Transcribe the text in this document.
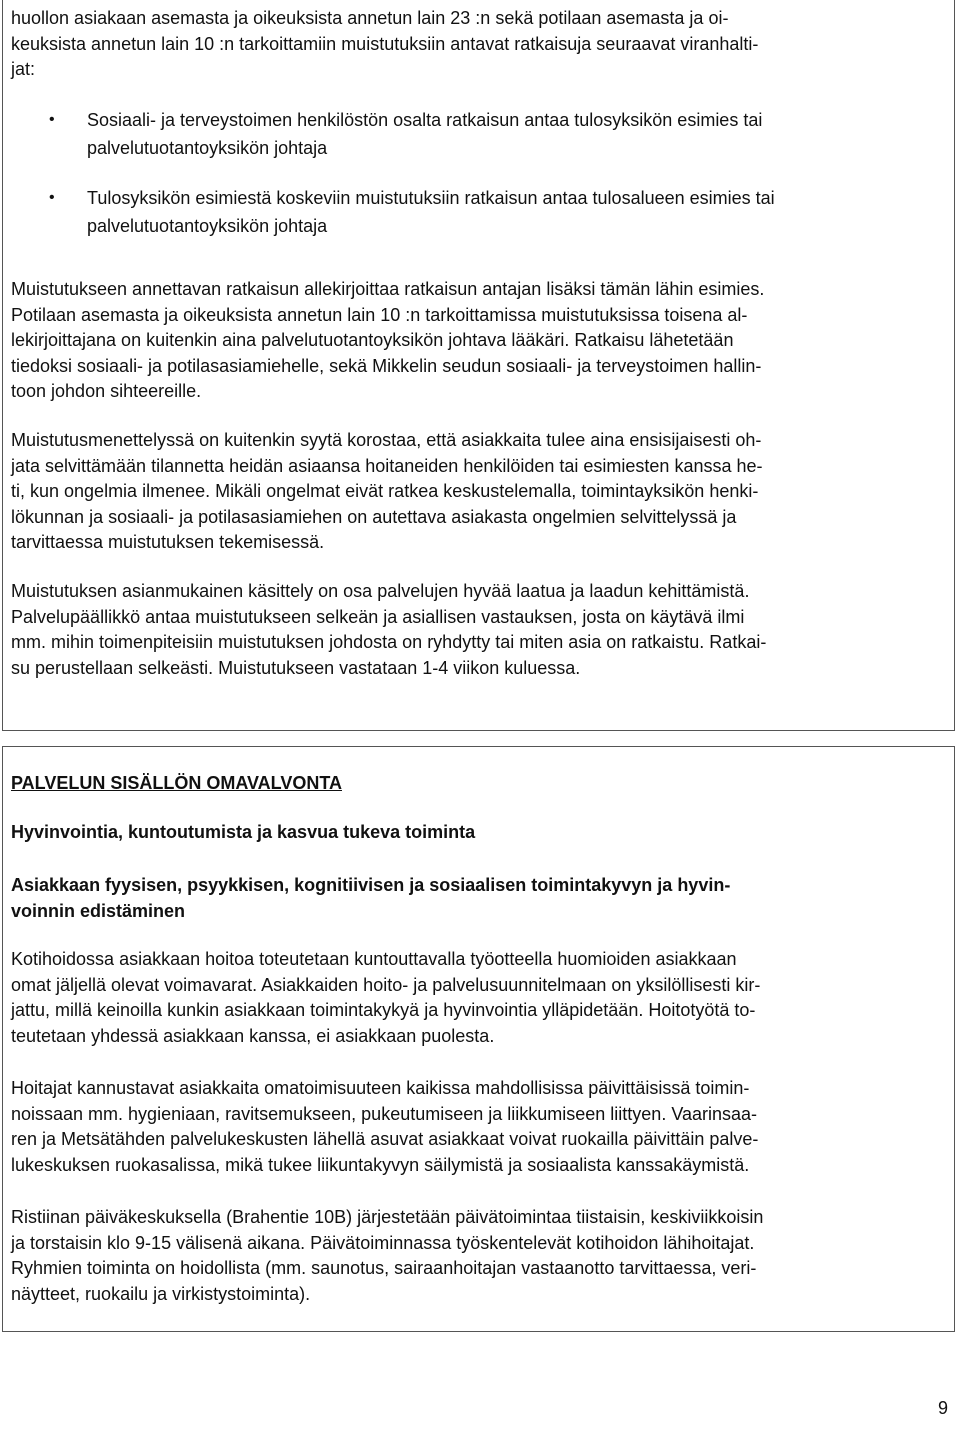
huollon asiakaan asemasta ja oikeuksista annetun lain 23 :n sekä potilaan asemasta ja oi-
keuksista annetun lain 10 :n tarkoittamiin muistutuksiin antavat ratkaisuja seuraavat viranhalti-
jat:
• Sosiaali- ja terveystoimen henkilöstön osalta ratkaisun antaa tulosyksikön esimies tai
palvelutuotantoyksikön johtaja
• Tulosyksikön esimiestä koskeviin muistutuksiin ratkaisun antaa tulosalueen esimies tai
palvelutuotantoyksikön johtaja
Muistutukseen annettavan ratkaisun allekirjoittaa ratkaisun antajan lisäksi tämän lähin esimies.
Potilaan asemasta ja oikeuksista annetun lain 10 :n tarkoittamissa muistutuksissa toisena al-
lekirjoittajana on kuitenkin aina palvelutuotantoyksikön johtava lääkäri. Ratkaisu lähetetään
tiedoksi sosiaali- ja potilasasiamiehelle, sekä Mikkelin seudun sosiaali- ja terveystoimen hallin-
toon johdon sihteereille.
Muistutusmenettelyssä on kuitenkin syytä korostaa, että asiakkaita tulee aina ensisijaisesti oh-
jata selvittämään tilannetta heidän asiaansa hoitaneiden henkilöiden tai esimiesten kanssa he-
ti, kun ongelmia ilmenee. Mikäli ongelmat eivät ratkea keskustelemalla, toimintayksikön henki-
lökunnan ja sosiaali- ja potilasasiamiehen on autettava asiakasta ongelmien selvittelyssä ja
tarvittaessa muistutuksen tekemisessä.
Muistutuksen asianmukainen käsittely on osa palvelujen hyvää laatua ja laadun kehittämistä.
Palvelupäällikkö antaa muistutukseen selkeän ja asiallisen vastauksen, josta on käytävä ilmi
mm. mihin toimenpiteisiin muistutuksen johdosta on ryhdytty tai miten asia on ratkaistu. Ratkai-
su perustellaan selkeästi. Muistutukseen vastataan 1-4 viikon kuluessa.
Hyvinvointia, kuntoutumista ja kasvua tukeva toiminta
Asiakkaan fyysisen, psyykkisen, kognitiivisen ja sosiaalisen toimintakyvyn ja hyvin-
voinnin edistäminen
Kotihoidossa asiakkaan hoitoa toteutetaan kuntouttavalla työotteella huomioiden asiakkaan
omat jäljellä olevat voimavarat. Asiakkaiden hoito- ja palvelusuunnitelmaan on yksilöllisesti kir-
jattu, millä keinoilla kunkin asiakkaan toimintakykyä ja hyvinvointia ylläpidetään. Hoitotyötä to-
teutetaan yhdessä asiakkaan kanssa, ei asiakkaan puolesta.
Hoitajat kannustavat asiakkaita omatoimisuuteen kaikissa mahdollisissa päivittäisissä toimin-
noissaan mm. hygieniaan, ravitsemukseen, pukeutumiseen ja liikkumiseen liittyen. Vaarinsaa-
ren ja Metsätähden palvelukeskusten lähellä asuvat asiakkaat voivat ruokailla päivittäin palve-
lukeskuksen ruokasalissa, mikä tukee liikuntakyvyn säilymistä ja sosiaalista kanssakäymistä.
Ristiinan päiväkeskuksella (Brahentie 10B) järjestetään päivätoimintaa tiistaisin, keskiviikkoisin
ja torstaisin klo 9-15 välisenä aikana. Päivätoiminnassa työskentelevät kotihoidon lähihoitajat.
Ryhmien toiminta on hoidollista (mm. saunotus, sairaanhoitajan vastaanotto tarvittaessa, veri-
näytteet, ruokailu ja virkistystoiminta).
PALVELUN SISÄLLÖN OMAVALVONTA
9
